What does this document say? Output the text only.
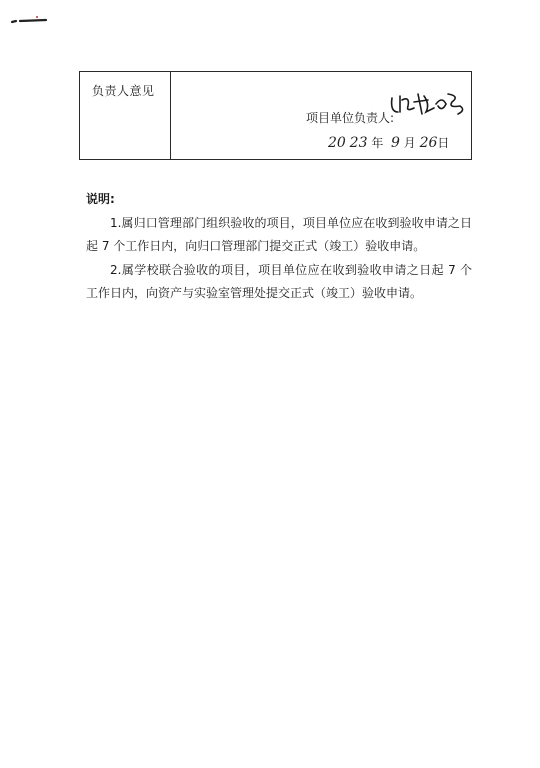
负责人意见
项目单位负责人:
20 23 年 9 月 26日
说明:

1.属归口管理部门组织验收的项目，项目单位应在收到验收申请之日起 7 个工作日内，向归口管理部门提交正式（竣工）验收申请。

2.属学校联合验收的项目，项目单位应在收到验收申请之日起 7 个工作日内，向资产与实验室管理处提交正式（竣工）验收申请。
